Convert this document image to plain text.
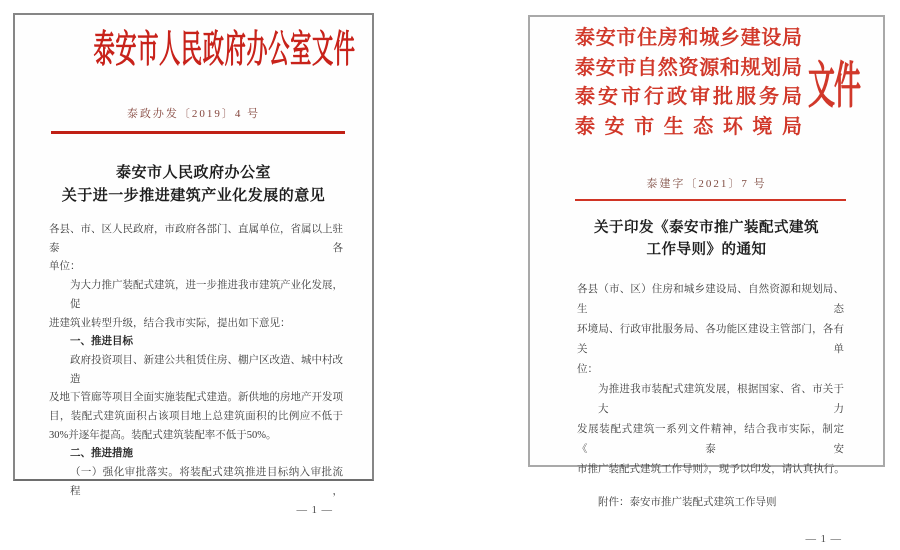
泰安市人民政府办公室文件
泰政办发〔2019〕4 号
泰安市人民政府办公室
关于进一步推进建筑产业化发展的意见
各县、市、区人民政府，市政府各部门、直属单位，省属以上驻泰各
单位：
为大力推广装配式建筑，进一步推进我市建筑产业化发展，促
进建筑业转型升级，结合我市实际，提出如下意见：
一、推进目标
政府投资项目、新建公共租赁住房、棚户区改造、城中村改造
及地下管廊等项目全面实施装配式建造。新供地的房地产开发项
目，装配式建筑面积占该项目地上总建筑面积的比例应不低于
30%并逐年提高。装配式建筑装配率不低于50%。
二、推进措施
（一）强化审批落实。将装配式建筑推进目标纳入审批流程，
— 1 —
泰安市住房和城乡建设局
泰安市自然资源和规划局
泰安市行政审批服务局
泰安市生态环境局
文件
泰建字〔2021〕7 号
关于印发《泰安市推广装配式建筑
工作导则》的通知
各县（市、区）住房和城乡建设局、自然资源和规划局、生态
环境局、行政审批服务局、各功能区建设主管部门，各有关单
位：
为推进我市装配式建筑发展，根据国家、省、市关于大力
发展装配式建筑一系列文件精神，结合我市实际，制定《泰安
市推广装配式建筑工作导则》，现予以印发，请认真执行。
附件：泰安市推广装配式建筑工作导则
— 1 —
